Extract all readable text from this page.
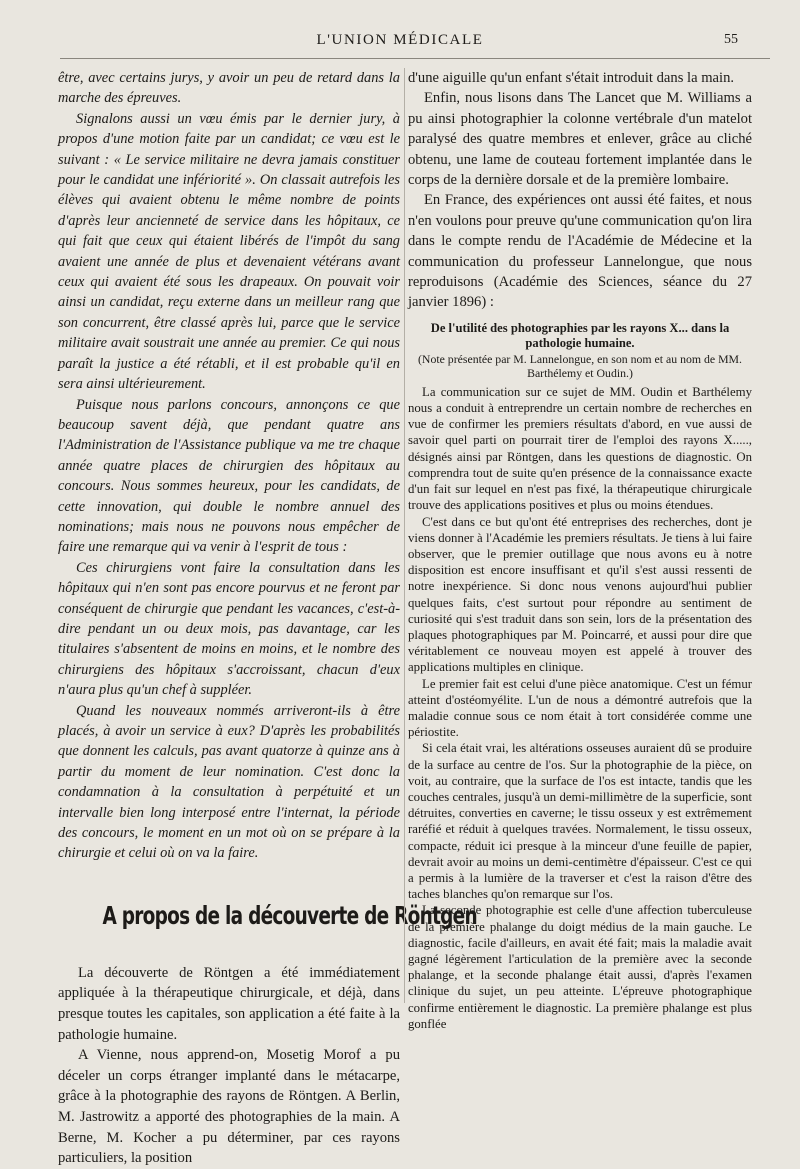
L'UNION MÉDICALE	55

être, avec certains jurys, y avoir un peu de retard dans la marche des épreuves.

Signalons aussi un vœu émis par le dernier jury, à propos d'une motion faite par un candidat; ce vœu est le suivant : « Le service militaire ne devra jamais constituer pour le candidat une infériorité ». On classait autrefois les élèves qui avaient obtenu le même nombre de points d'après leur ancienneté de service dans les hôpitaux, ce qui fait que ceux qui étaient libérés de l'impôt du sang avaient une année de plus et devenaient vétérans avant ceux qui avaient été sous les drapeaux. On pouvait voir ainsi un candidat, reçu externe dans un meilleur rang que son concurrent, être classé après lui, parce que le service militaire avait soustrait une année au premier. Ce qui nous paraît la justice a été rétabli, et il est probable qu'il en sera ainsi ultérieurement.

Puisque nous parlons concours, annonçons ce que beaucoup savent déjà, que pendant quatre ans l'Administration de l'Assistance publique va me tre chaque année quatre places de chirurgien des hôpitaux au concours. Nous sommes heureux, pour les candidats, de cette innovation, qui double le nombre annuel des nominations; mais nous ne pouvons nous empêcher de faire une remarque qui va venir à l'esprit de tous :

Ces chirurgiens vont faire la consultation dans les hôpitaux qui n'en sont pas encore pourvus et ne feront par conséquent de chirurgie que pendant les vacances, c'est-à-dire pendant un ou deux mois, pas davantage, car les titulaires s'absentent de moins en moins, et le nombre des chirurgiens des hôpitaux s'accroissant, chacun d'eux n'aura plus qu'un chef à suppléer.

Quand les nouveaux nommés arriveront-ils à être placés, à avoir un service à eux? D'après les probabilités que donnent les calculs, pas avant quatorze à quinze ans à partir du moment de leur nomination. C'est donc la condamnation à la consultation à perpétuité et un intervalle bien long interposé entre l'internat, la période des concours, le moment en un mot où on se prépare à la chirurgie et celui où on va la faire.

A propos de la découverte de Röntgen

La découverte de Röntgen a été immédiatement appliquée à la thérapeutique chirurgicale, et déjà, dans presque toutes les capitales, son application a été faite à la pathologie humaine.

A Vienne, nous apprend-on, Mosetig Morof a pu déceler un corps étranger implanté dans le métacarpe, grâce à la photographie des rayons de Röntgen. A Berlin, M. Jastrowitz a apporté des photographies de la main. A Berne, M. Kocher a pu déterminer, par ces rayons particuliers, la position

d'une aiguille qu'un enfant s'était introduit dans la main.

Enfin, nous lisons dans The Lancet que M. Williams a pu ainsi photographier la colonne vertébrale d'un matelot paralysé des quatre membres et enlever, grâce au cliché obtenu, une lame de couteau fortement implantée dans le corps de la dernière dorsale et de la première lombaire.

En France, des expériences ont aussi été faites, et nous n'en voulons pour preuve qu'une communication qu'on lira dans le compte rendu de l'Académie de Médecine et la communication du professeur Lannelongue, que nous reproduisons (Académie des Sciences, séance du 27 janvier 1896) :

De l'utilité des photographies par les rayons X... dans la pathologie humaine.
(Note présentée par M. Lannelongue, en son nom et au nom de MM. Barthélemy et Oudin.)

La communication sur ce sujet de MM. Oudin et Barthélemy nous a conduit à entreprendre un certain nombre de recherches en vue de confirmer les premiers résultats d'abord, en vue aussi de savoir quel parti on pourrait tirer de l'emploi des rayons X....., désignés ainsi par Röntgen, dans les questions de diagnostic. On comprendra tout de suite qu'en présence de la connaissance exacte d'un fait sur lequel en n'est pas fixé, la thérapeutique chirurgicale trouve des applications positives et plus ou moins étendues.

C'est dans ce but qu'ont été entreprises des recherches, dont je viens donner à l'Académie les premiers résultats. Je tiens à lui faire observer, que le premier outillage que nous avons eu à notre disposition est encore insuffisant et qu'il s'est aussi ressenti de notre inexpérience. Si donc nous venons aujourd'hui publier quelques faits, c'est surtout pour répondre au sentiment de curiosité qui s'est traduit dans son sein, lors de la présentation des plaques photographiques par M. Poincarré, et aussi pour dire que véritablement ce nouveau moyen est appelé à trouver des applications multiples en clinique.

Le premier fait est celui d'une pièce anatomique. C'est un fémur atteint d'ostéomyélite. L'un de nous a démontré autrefois que la maladie connue sous ce nom était à tort considérée comme une périostite.

Si cela était vrai, les altérations osseuses auraient dû se produire de la surface au centre de l'os. Sur la photographie de la pièce, on voit, au contraire, que la surface de l'os est intacte, tandis que les couches centrales, jusqu'à un demi-millimètre de la superficie, sont détruites, converties en caverne; le tissu osseux y est extrêmement raréfié et réduit à quelques travées. Normalement, le tissu osseux, compacte, réduit ici presque à la minceur d'une feuille de papier, devrait avoir au moins un demi-centimètre d'épaisseur. C'est ce qui a permis à la lumière de la traverser et c'est la raison d'être des taches blanches qu'on remarque sur l'os.

La seconde photographie est celle d'une affection tuberculeuse de la première phalange du doigt médius de la main gauche. Le diagnostic, facile d'ailleurs, en avait été fait; mais la maladie avait gagné légèrement l'articulation de la première avec la seconde phalange, et la seconde phalange était aussi, d'après l'examen clinique du sujet, un peu atteinte. L'épreuve photographique confirme entièrement le diagnostic. La première phalange est plus gonflée
